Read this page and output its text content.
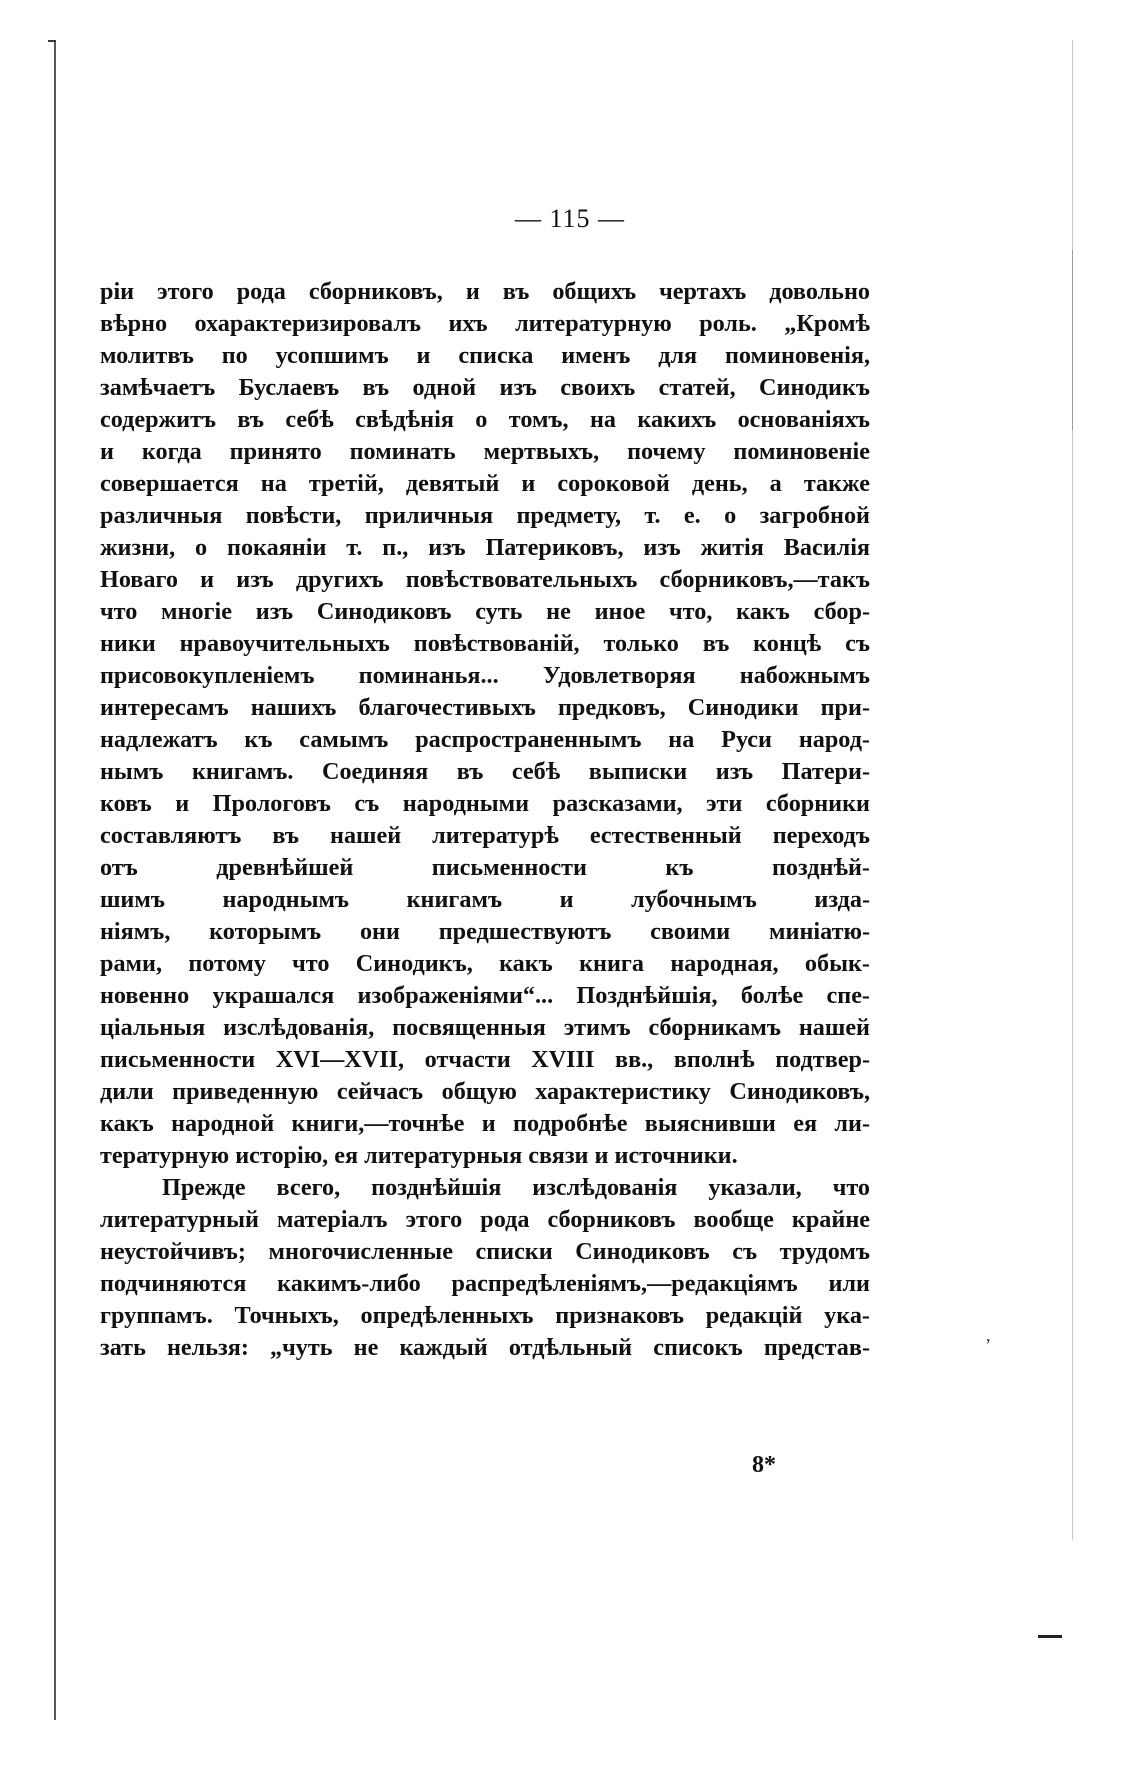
,
— 115 —
ріи этого рода сборниковъ, и въ общихъ чертахъ довольно
вѣрно охарактеризировалъ ихъ литературную роль. „Кромѣ
молитвъ по усопшимъ и списка именъ для поминовенія,
замѣчаетъ Буслаевъ въ одной изъ своихъ статей, Синодикъ
содержитъ въ себѣ свѣдѣнія о томъ, на какихъ основаніяхъ
и когда принято поминать мертвыхъ, почему поминовеніе
совершается на третій, девятый и сороковой день, а также
различныя повѣсти, приличныя предмету, т. е. о загробной
жизни, о покаяніи т. п., изъ Патериковъ, изъ житія Василія
Новаго и изъ другихъ повѣствовательныхъ сборниковъ,—такъ
что многіе изъ Синодиковъ суть не иное что, какъ сбор-
ники нравоучительныхъ повѣствованій, только въ концѣ съ
присовокупленіемъ поминанья... Удовлетворяя набожнымъ
интересамъ нашихъ благочестивыхъ предковъ, Синодики при-
надлежатъ къ самымъ распространеннымъ на Руси народ-
нымъ книгамъ. Соединяя въ себѣ выписки изъ Патери-
ковъ и Прологовъ съ народными разсказами, эти сборники
составляютъ въ нашей литературѣ естественный переходъ
отъ древнѣйшей письменности къ позднѣй-
шимъ народнымъ книгамъ и лубочнымъ изда-
ніямъ, которымъ они предшествуютъ своими миніатю-
рами, потому что Синодикъ, какъ книга народная, обык-
новенно украшался изображеніями“... Позднѣйшія, болѣе спе-
ціальныя изслѣдованія, посвященныя этимъ сборникамъ нашей
письменности XVI—XVII, отчасти XVIII вв., вполнѣ подтвер-
дили приведенную сейчасъ общую характеристику Синодиковъ,
какъ народной книги,—точнѣе и подробнѣе выяснивши ея ли-
тературную исторію, ея литературныя связи и источники.
Прежде всего, позднѣйшія изслѣдованія указали, что
литературный матеріалъ этого рода сборниковъ вообще крайне
неустойчивъ; многочисленные списки Синодиковъ съ трудомъ
подчиняются какимъ-либо распредѣленіямъ,—редакціямъ или
группамъ. Точныхъ, опредѣленныхъ признаковъ редакцій ука-
зать нельзя: „чуть не каждый отдѣльный списокъ представ-
8*
